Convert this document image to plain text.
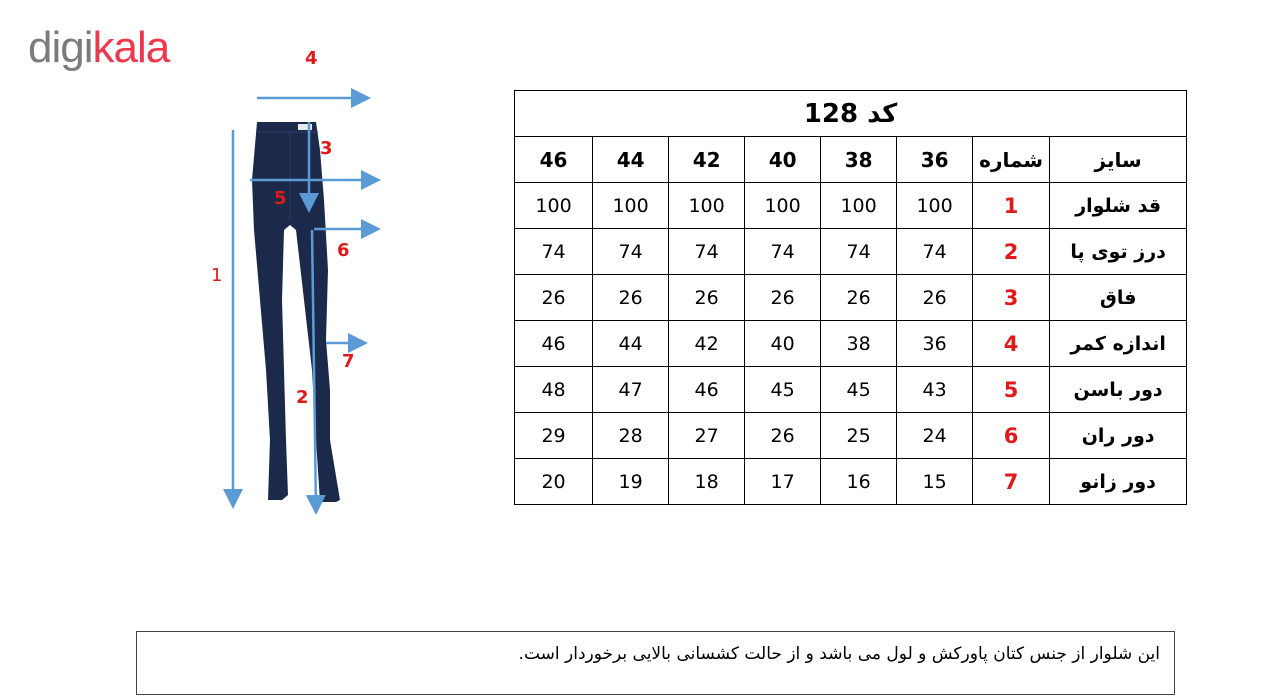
digikala	4
1
3
5
6
7
2
کد 128							
سایز	شماره	36	38	40	42	44	46
قد شلوار	1	100	100	100	100	100	100
درز توی پا	2	74	74	74	74	74	74
فاق	3	26	26	26	26	26	26
اندازه کمر	4	36	38	40	42	44	46
دور باسن	5	43	45	45	46	47	48
دور ران	6	24	25	26	27	28	29
دور زانو	7	15	16	17	18	19	20
این شلوار از جنس کتان پاورکش و لول می باشد و از حالت کشسانی بالایی برخوردار است.
